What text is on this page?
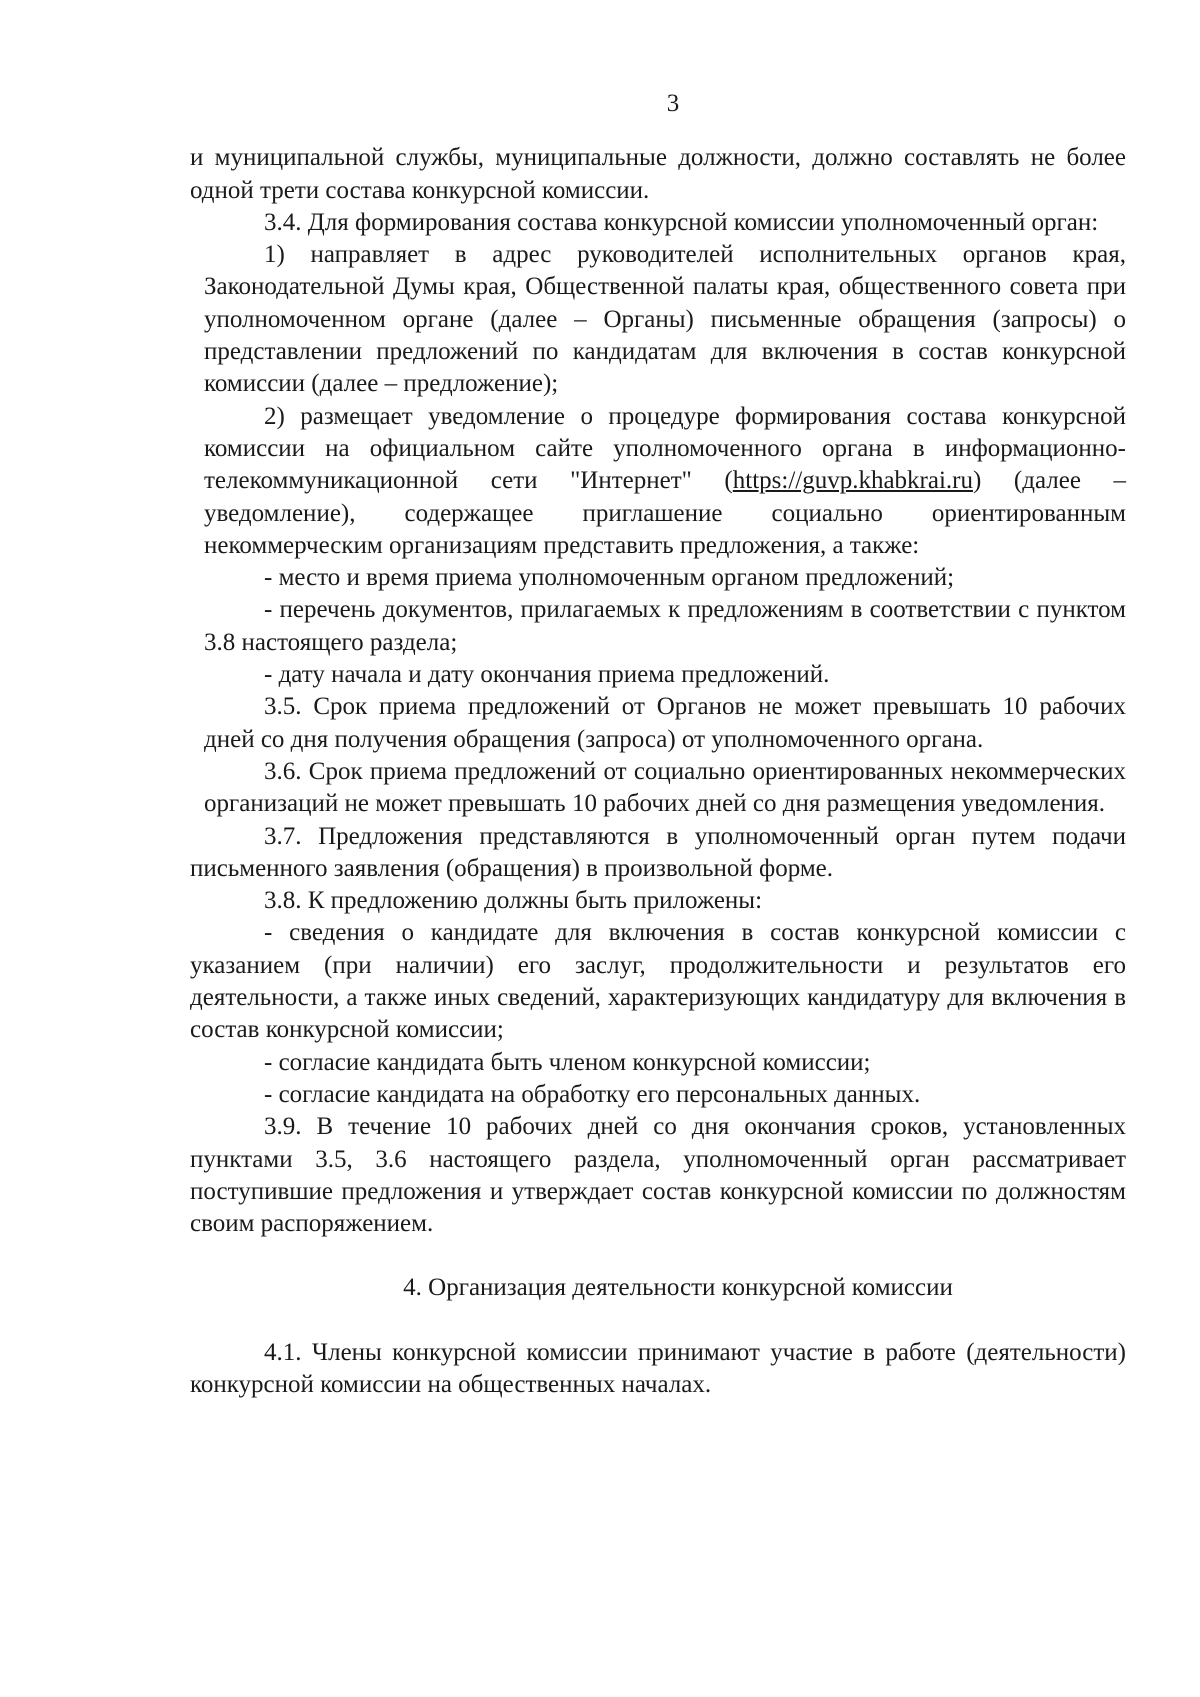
3

и муниципальной службы, муниципальные должности, должно составлять не более одной трети состава конкурсной комиссии.

3.4. Для формирования состава конкурсной комиссии уполномоченный орган:

1) направляет в адрес руководителей исполнительных органов края, Законодательной Думы края, Общественной палаты края, общественного совета при уполномоченном органе (далее – Органы) письменные обращения (запросы) о представлении предложений по кандидатам для включения в состав конкурсной комиссии (далее – предложение);

2) размещает уведомление о процедуре формирования состава конкурсной комиссии на официальном сайте уполномоченного органа в информационно-телекоммуникационной сети "Интернет" (https://guvp.khabkrai.ru) (далее – уведомление), содержащее приглашение социально ориентированным некоммерческим организациям представить предложения, а также:

- место и время приема уполномоченным органом предложений;

- перечень документов, прилагаемых к предложениям в соответствии с пунктом 3.8 настоящего раздела;

- дату начала и дату окончания приема предложений.

3.5. Срок приема предложений от Органов не может превышать 10 рабочих дней со дня получения обращения (запроса) от уполномоченного органа.

3.6. Срок приема предложений от социально ориентированных некоммерческих организаций не может превышать 10 рабочих дней со дня размещения уведомления.

3.7. Предложения представляются в уполномоченный орган путем подачи письменного заявления (обращения) в произвольной форме.

3.8. К предложению должны быть приложены:

- сведения о кандидате для включения в состав конкурсной комиссии с указанием (при наличии) его заслуг, продолжительности и результатов его деятельности, а также иных сведений, характеризующих кандидатуру для включения в состав конкурсной комиссии;

- согласие кандидата быть членом конкурсной комиссии;

- согласие кандидата на обработку его персональных данных.

3.9. В течение 10 рабочих дней со дня окончания сроков, установленных пунктами 3.5, 3.6 настоящего раздела, уполномоченный орган рассматривает поступившие предложения и утверждает состав конкурсной комиссии по должностям своим распоряжением.

4. Организация деятельности конкурсной комиссии

4.1. Члены конкурсной комиссии принимают участие в работе (деятельности) конкурсной комиссии на общественных началах.
